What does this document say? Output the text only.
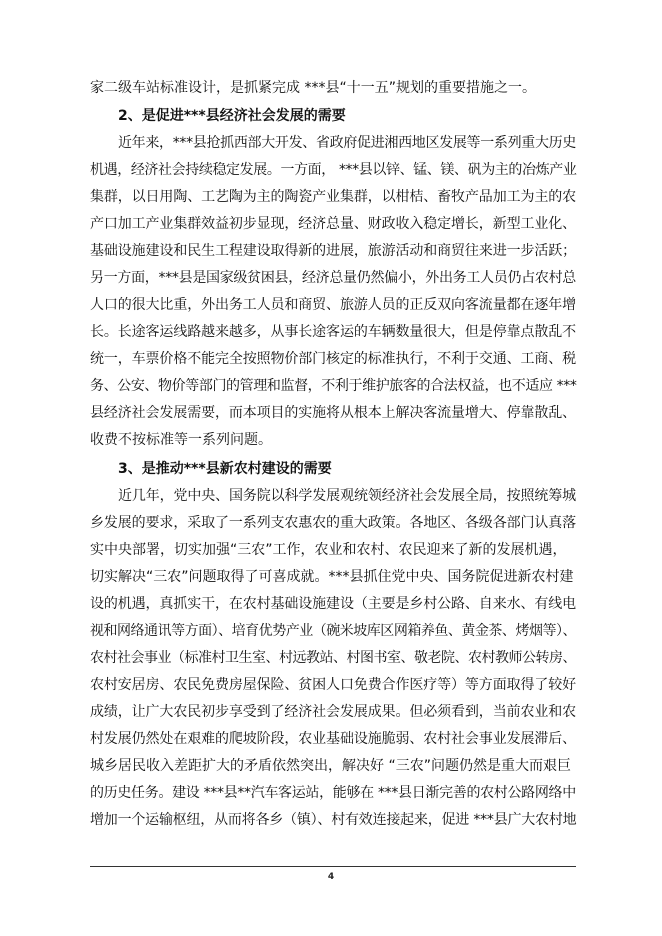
家二级车站标准设计，是抓紧完成 ***县“十一五”规划的重要措施之一。
2、是促进***县经济社会发展的需要
近年来，***县抢抓西部大开发、省政府促进湘西地区发展等一系列重大历史
机遇，经济社会持续稳定发展。一方面， ***县以锌、锰、镁、矾为主的冶炼产业
集群，以日用陶、工艺陶为主的陶瓷产业集群，以柑桔、畜牧产品加工为主的农
产口加工产业集群效益初步显现，经济总量、财政收入稳定增长，新型工业化、
基础设施建设和民生工程建设取得新的进展，旅游活动和商贸往来进一步活跃；
另一方面，***县是国家级贫困县，经济总量仍然偏小，外出务工人员仍占农村总
人口的很大比重，外出务工人员和商贸、旅游人员的正反双向客流量都在逐年增
长。长途客运线路越来越多，从事长途客运的车辆数量很大，但是停靠点散乱不
统一，车票价格不能完全按照物价部门核定的标准执行，不利于交通、工商、税
务、公安、物价等部门的管理和监督，不利于维护旅客的合法权益，也不适应 ***
县经济社会发展需要，而本项目的实施将从根本上解决客流量增大、停靠散乱、
收费不按标准等一系列问题。
3、是推动***县新农村建设的需要
近几年，党中央、国务院以科学发展观统领经济社会发展全局，按照统筹城
乡发展的要求，采取了一系列支农惠农的重大政策。各地区、各级各部门认真落
实中央部署，切实加强“三农”工作，农业和农村、农民迎来了新的发展机遇，
切实解决“三农”问题取得了可喜成就。***县抓住党中央、国务院促进新农村建
设的机遇，真抓实干，在农村基础设施建设（主要是乡村公路、自来水、有线电
视和网络通讯等方面）、培育优势产业（碗米坡库区网箱养鱼、黄金茶、烤烟等）、
农村社会事业（标准村卫生室、村远教站、村图书室、敬老院、农村教师公转房、
农村安居房、农民免费房屋保险、贫困人口免费合作医疗等）等方面取得了较好
成绩，让广大农民初步享受到了经济社会发展成果。但必须看到，当前农业和农
村发展仍然处在艰难的爬坡阶段，农业基础设施脆弱、农村社会事业发展滞后、
城乡居民收入差距扩大的矛盾依然突出，解决好 “三农”问题仍然是重大而艰巨
的历史任务。建设 ***县**汽车客运站，能够在 ***县日渐完善的农村公路网络中
增加一个运输枢纽，从而将各乡（镇）、村有效连接起来，促进 ***县广大农村地
4
